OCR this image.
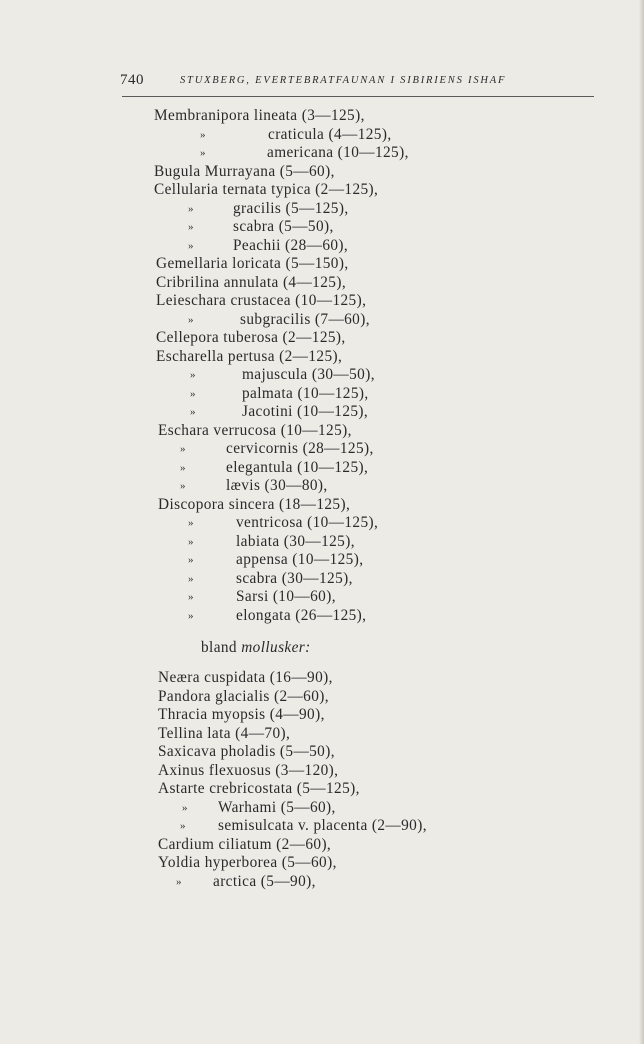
740	STUXBERG, EVERTEBRATFAUNAN I SIBIRIENS ISHAF
Membranipora lineata (3—125),
»	craticula (4—125),
»	americana (10—125),
Bugula Murrayana (5—60),
Cellularia ternata typica (2—125),
»	gracilis (5—125),
»	scabra (5—50),
»	Peachii (28—60),
Gemellaria loricata (5—150),
Cribrilina annulata (4—125),
Leieschara crustacea (10—125),
»	subgracilis (7—60),
Cellepora tuberosa (2—125),
Escharella pertusa (2—125),
»	majuscula (30—50),
»	palmata (10—125),
»	Jacotini (10—125),
Eschara verrucosa (10—125),
»	cervicornis (28—125),
»	elegantula (10—125),
»	lævis (30—80),
Discopora sincera (18—125),
»	ventricosa (10—125),
»	labiata (30—125),
»	appensa (10—125),
»	scabra (30—125),
»	Sarsi (10—60),
»	elongata (26—125),
bland mollusker:
Neæra cuspidata (16—90),
Pandora glacialis (2—60),
Thracia myopsis (4—90),
Tellina lata (4—70),
Saxicava pholadis (5—50),
Axinus flexuosus (3—120),
Astarte crebricostata (5—125),
» Warhami (5—60),
» semisulcata v. placenta (2—90),
Cardium ciliatum (2—60),
Yoldia hyperborea (5—60),
» arctica (5—90),
